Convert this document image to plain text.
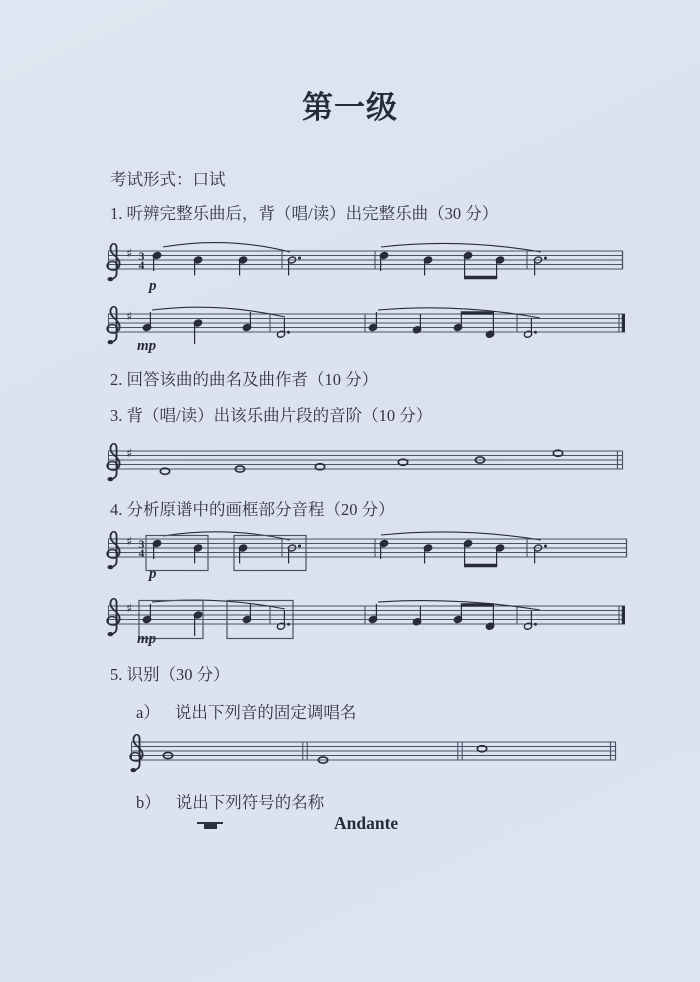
第一级
考试形式：口试
1. 听辨完整乐曲后，背（唱/读）出完整乐曲（30 分）
2. 回答该曲的曲名及曲作者（10 分）
3. 背（唱/读）出该乐曲片段的音阶（10 分）
4. 分析原谱中的画框部分音程（20 分）
5. 识别（30 分）
a） 说出下列音的固定调唱名
b） 说出下列符号的名称
Andante
♯ 3
4
p
♯
mp
♯
♯ 3
4
p
♯
mp
